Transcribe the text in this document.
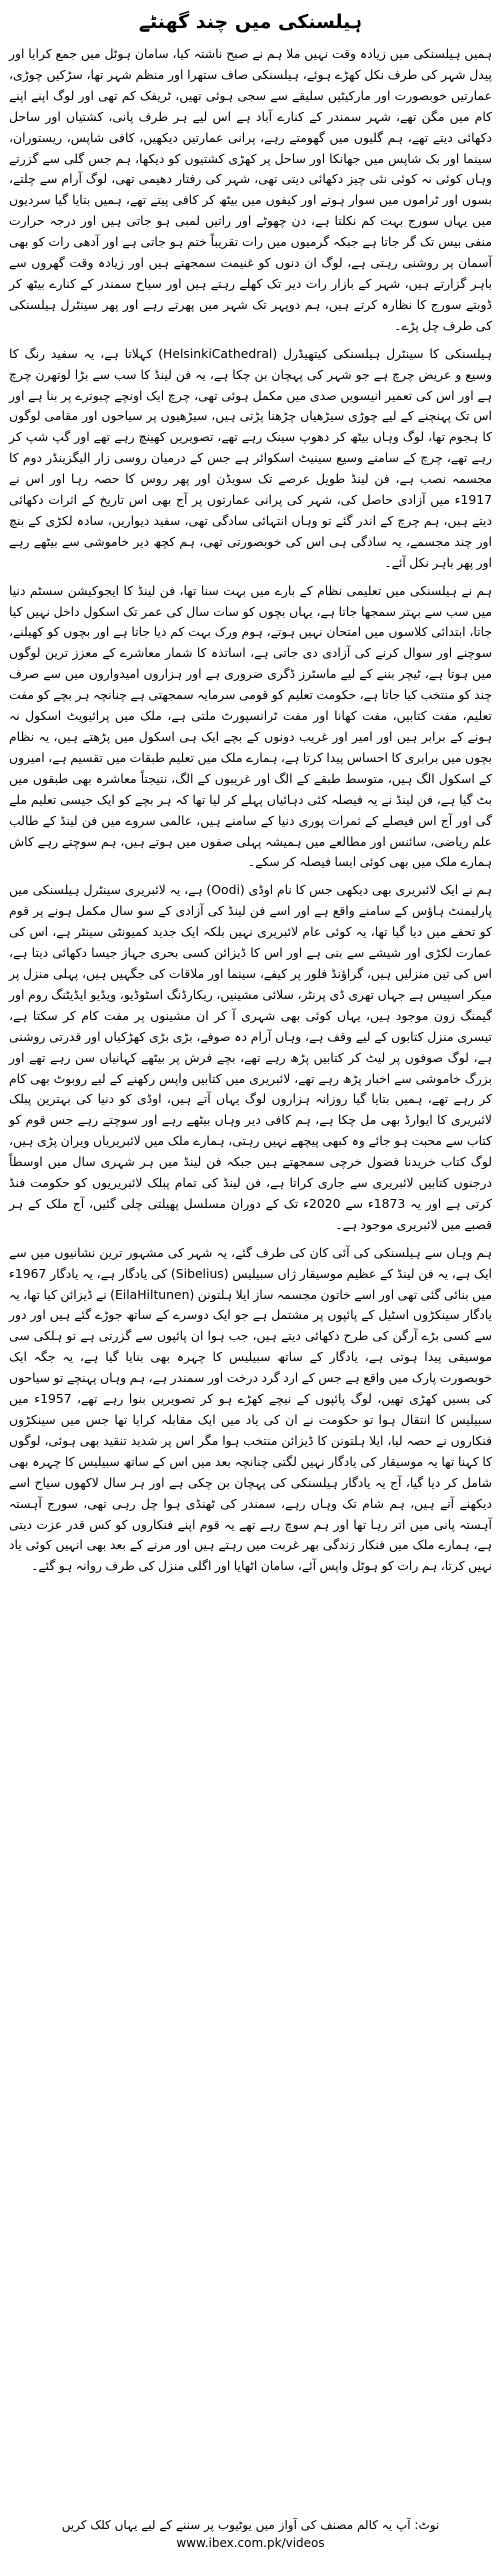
ہیلسنکی میں چند گھنٹے

ہمیں ہیلسنکی میں زیادہ وقت نہیں ملا ہم نے صبح ناشتہ کیا، سامان ہوٹل میں جمع کرایا اور پیدل شہر کی طرف نکل کھڑے ہوئے، ہیلسنکی صاف ستھرا اور منظم شہر تھا، سڑکیں چوڑی، عمارتیں خوبصورت اور مارکیٹیں سلیقے سے سجی ہوئی تھیں، ٹریفک کم تھی اور لوگ اپنے اپنے کام میں مگن تھے، شہر سمندر کے کنارے آباد ہے اس لیے ہر طرف پانی، کشتیاں اور ساحل دکھائی دیتے تھے، ہم گلیوں میں گھومتے رہے، پرانی عمارتیں دیکھیں، کافی شاپس، ریستوران، سینما اور بک شاپس میں جھانکا اور ساحل پر کھڑی کشتیوں کو دیکھا، ہم جس گلی سے گزرتے وہاں کوئی نہ کوئی نئی چیز دکھائی دیتی تھی، شہر کی رفتار دھیمی تھی، لوگ آرام سے چلتے، بسوں اور ٹراموں میں سوار ہوتے اور کیفوں میں بیٹھ کر کافی پیتے تھے، ہمیں بتایا گیا سردیوں میں یہاں سورج بہت کم نکلتا ہے، دن چھوٹے اور راتیں لمبی ہو جاتی ہیں اور درجہ حرارت منفی بیس تک گر جاتا ہے جبکہ گرمیوں میں رات تقریباً ختم ہو جاتی ہے اور آدھی رات کو بھی آسمان پر روشنی رہتی ہے، لوگ ان دنوں کو غنیمت سمجھتے ہیں اور زیادہ وقت گھروں سے باہر گزارتے ہیں، شہر کے بازار رات دیر تک کھلے رہتے ہیں اور سیاح سمندر کے کنارے بیٹھ کر ڈوبتے سورج کا نظارہ کرتے ہیں، ہم دوپہر تک شہر میں پھرتے رہے اور پھر سینٹرل ہیلسنکی کی طرف چل پڑے۔

ہیلسنکی کا سینٹرل ہیلسنکی کیتھیڈرل (HelsinkiCathedral) کہلاتا ہے، یہ سفید رنگ کا وسیع و عریض چرچ ہے جو شہر کی پہچان بن چکا ہے، یہ فن لینڈ کا سب سے بڑا لوتھرن چرچ ہے اور اس کی تعمیر انیسویں صدی میں مکمل ہوئی تھی، چرچ ایک اونچے چبوترے پر بنا ہے اور اس تک پہنچنے کے لیے چوڑی سیڑھیاں چڑھنا پڑتی ہیں، سیڑھیوں پر سیاحوں اور مقامی لوگوں کا ہجوم تھا، لوگ وہاں بیٹھ کر دھوپ سینک رہے تھے، تصویریں کھینچ رہے تھے اور گپ شپ کر رہے تھے، چرچ کے سامنے وسیع سینیٹ اسکوائر ہے جس کے درمیان روسی زار الیگزینڈر دوم کا مجسمہ نصب ہے، فن لینڈ طویل عرصے تک سویڈن اور پھر روس کا حصہ رہا اور اس نے 1917ء میں آزادی حاصل کی، شہر کی پرانی عمارتوں پر آج بھی اس تاریخ کے اثرات دکھائی دیتے ہیں، ہم چرچ کے اندر گئے تو وہاں انتہائی سادگی تھی، سفید دیواریں، سادہ لکڑی کے بنچ اور چند مجسمے، یہ سادگی ہی اس کی خوبصورتی تھی، ہم کچھ دیر خاموشی سے بیٹھے رہے اور پھر باہر نکل آئے۔

ہم نے ہیلسنکی میں تعلیمی نظام کے بارے میں بہت سنا تھا، فن لینڈ کا ایجوکیشن سسٹم دنیا میں سب سے بہتر سمجھا جاتا ہے، یہاں بچوں کو سات سال کی عمر تک اسکول داخل نہیں کیا جاتا، ابتدائی کلاسوں میں امتحان نہیں ہوتے، ہوم ورک بہت کم دیا جاتا ہے اور بچوں کو کھیلنے، سوچنے اور سوال کرنے کی آزادی دی جاتی ہے، اساتذہ کا شمار معاشرے کے معزز ترین لوگوں میں ہوتا ہے، ٹیچر بننے کے لیے ماسٹرز ڈگری ضروری ہے اور ہزاروں امیدواروں میں سے صرف چند کو منتخب کیا جاتا ہے، حکومت تعلیم کو قومی سرمایہ سمجھتی ہے چنانچہ ہر بچے کو مفت تعلیم، مفت کتابیں، مفت کھانا اور مفت ٹرانسپورٹ ملتی ہے، ملک میں پرائیویٹ اسکول نہ ہونے کے برابر ہیں اور امیر اور غریب دونوں کے بچے ایک ہی اسکول میں پڑھتے ہیں، یہ نظام بچوں میں برابری کا احساس پیدا کرتا ہے، ہمارے ملک میں تعلیم طبقات میں تقسیم ہے، امیروں کے اسکول الگ ہیں، متوسط طبقے کے الگ اور غریبوں کے الگ، نتیجتاً معاشرہ بھی طبقوں میں بٹ گیا ہے، فن لینڈ نے یہ فیصلہ کئی دہائیاں پہلے کر لیا تھا کہ ہر بچے کو ایک جیسی تعلیم ملے گی اور آج اس فیصلے کے ثمرات پوری دنیا کے سامنے ہیں، عالمی سروے میں فن لینڈ کے طالب علم ریاضی، سائنس اور مطالعے میں ہمیشہ پہلی صفوں میں ہوتے ہیں، ہم سوچتے رہے کاش ہمارے ملک میں بھی کوئی ایسا فیصلہ کر سکے۔

ہم نے ایک لائبریری بھی دیکھی جس کا نام اوڈی (Oodi) ہے، یہ لائبریری سینٹرل ہیلسنکی میں پارلیمنٹ ہاؤس کے سامنے واقع ہے اور اسے فن لینڈ کی آزادی کے سو سال مکمل ہونے پر قوم کو تحفے میں دیا گیا تھا، یہ کوئی عام لائبریری نہیں بلکہ ایک جدید کمیونٹی سینٹر ہے، اس کی عمارت لکڑی اور شیشے سے بنی ہے اور اس کا ڈیزائن کسی بحری جہاز جیسا دکھائی دیتا ہے، اس کی تین منزلیں ہیں، گراؤنڈ فلور پر کیفے، سینما اور ملاقات کی جگہیں ہیں، پہلی منزل پر میکر اسپیس ہے جہاں تھری ڈی پرنٹر، سلائی مشینیں، ریکارڈنگ اسٹوڈیو، ویڈیو ایڈیٹنگ روم اور گیمنگ زون موجود ہیں، یہاں کوئی بھی شہری آ کر ان مشینوں پر مفت کام کر سکتا ہے، تیسری منزل کتابوں کے لیے وقف ہے، وہاں آرام دہ صوفے، بڑی بڑی کھڑکیاں اور قدرتی روشنی ہے، لوگ صوفوں پر لیٹ کر کتابیں پڑھ رہے تھے، بچے فرش پر بیٹھے کہانیاں سن رہے تھے اور بزرگ خاموشی سے اخبار پڑھ رہے تھے، لائبریری میں کتابیں واپس رکھنے کے لیے روبوٹ بھی کام کر رہے تھے، ہمیں بتایا گیا روزانہ ہزاروں لوگ یہاں آتے ہیں، اوڈی کو دنیا کی بہترین پبلک لائبریری کا ایوارڈ بھی مل چکا ہے، ہم کافی دیر وہاں بیٹھے رہے اور سوچتے رہے جس قوم کو کتاب سے محبت ہو جائے وہ کبھی پیچھے نہیں رہتی، ہمارے ملک میں لائبریریاں ویران پڑی ہیں، لوگ کتاب خریدنا فضول خرچی سمجھتے ہیں جبکہ فن لینڈ میں ہر شہری سال میں اوسطاً درجنوں کتابیں لائبریری سے جاری کراتا ہے، فن لینڈ کی تمام پبلک لائبریریوں کو حکومت فنڈ کرتی ہے اور یہ 1873ء سے 2020ء تک کے دوران مسلسل پھیلتی چلی گئیں، آج ملک کے ہر قصبے میں لائبریری موجود ہے۔

ہم وہاں سے ہیلسنکی کی آئی کان کی طرف گئے، یہ شہر کی مشہور ترین نشانیوں میں سے ایک ہے، یہ فن لینڈ کے عظیم موسیقار ژاں سبیلیس (Sibelius) کی یادگار ہے، یہ یادگار 1967ء میں بنائی گئی تھی اور اسے خاتون مجسمہ ساز ایلا ہلتونن (EilaHiltunen) نے ڈیزائن کیا تھا، یہ یادگار سینکڑوں اسٹیل کے پائپوں پر مشتمل ہے جو ایک دوسرے کے ساتھ جوڑے گئے ہیں اور دور سے کسی بڑے آرگن کی طرح دکھائی دیتے ہیں، جب ہوا ان پائپوں سے گزرتی ہے تو ہلکی سی موسیقی پیدا ہوتی ہے، یادگار کے ساتھ سبیلیس کا چہرہ بھی بنایا گیا ہے، یہ جگہ ایک خوبصورت پارک میں واقع ہے جس کے ارد گرد درخت اور سمندر ہے، ہم وہاں پہنچے تو سیاحوں کی بسیں کھڑی تھیں، لوگ پائپوں کے نیچے کھڑے ہو کر تصویریں بنوا رہے تھے، 1957ء میں سبیلیس کا انتقال ہوا تو حکومت نے ان کی یاد میں ایک مقابلہ کرایا تھا جس میں سینکڑوں فنکاروں نے حصہ لیا، ایلا ہلتونن کا ڈیزائن منتخب ہوا مگر اس پر شدید تنقید بھی ہوئی، لوگوں کا کہنا تھا یہ موسیقار کی یادگار نہیں لگتی چنانچہ بعد میں اس کے ساتھ سبیلیس کا چہرہ بھی شامل کر دیا گیا، آج یہ یادگار ہیلسنکی کی پہچان بن چکی ہے اور ہر سال لاکھوں سیاح اسے دیکھنے آتے ہیں، ہم شام تک وہاں رہے، سمندر کی ٹھنڈی ہوا چل رہی تھی، سورج آہستہ آہستہ پانی میں اتر رہا تھا اور ہم سوچ رہے تھے یہ قوم اپنے فنکاروں کو کس قدر عزت دیتی ہے، ہمارے ملک میں فنکار زندگی بھر غربت میں رہتے ہیں اور مرنے کے بعد بھی انہیں کوئی یاد نہیں کرتا، ہم رات کو ہوٹل واپس آئے، سامان اٹھایا اور اگلی منزل کی طرف روانہ ہو گئے۔

نوٹ: آپ یہ کالم مصنف کی آواز میں یوٹیوب پر سننے کے لیے یہاں کلک کریں www.ibex.com.pk/videos
